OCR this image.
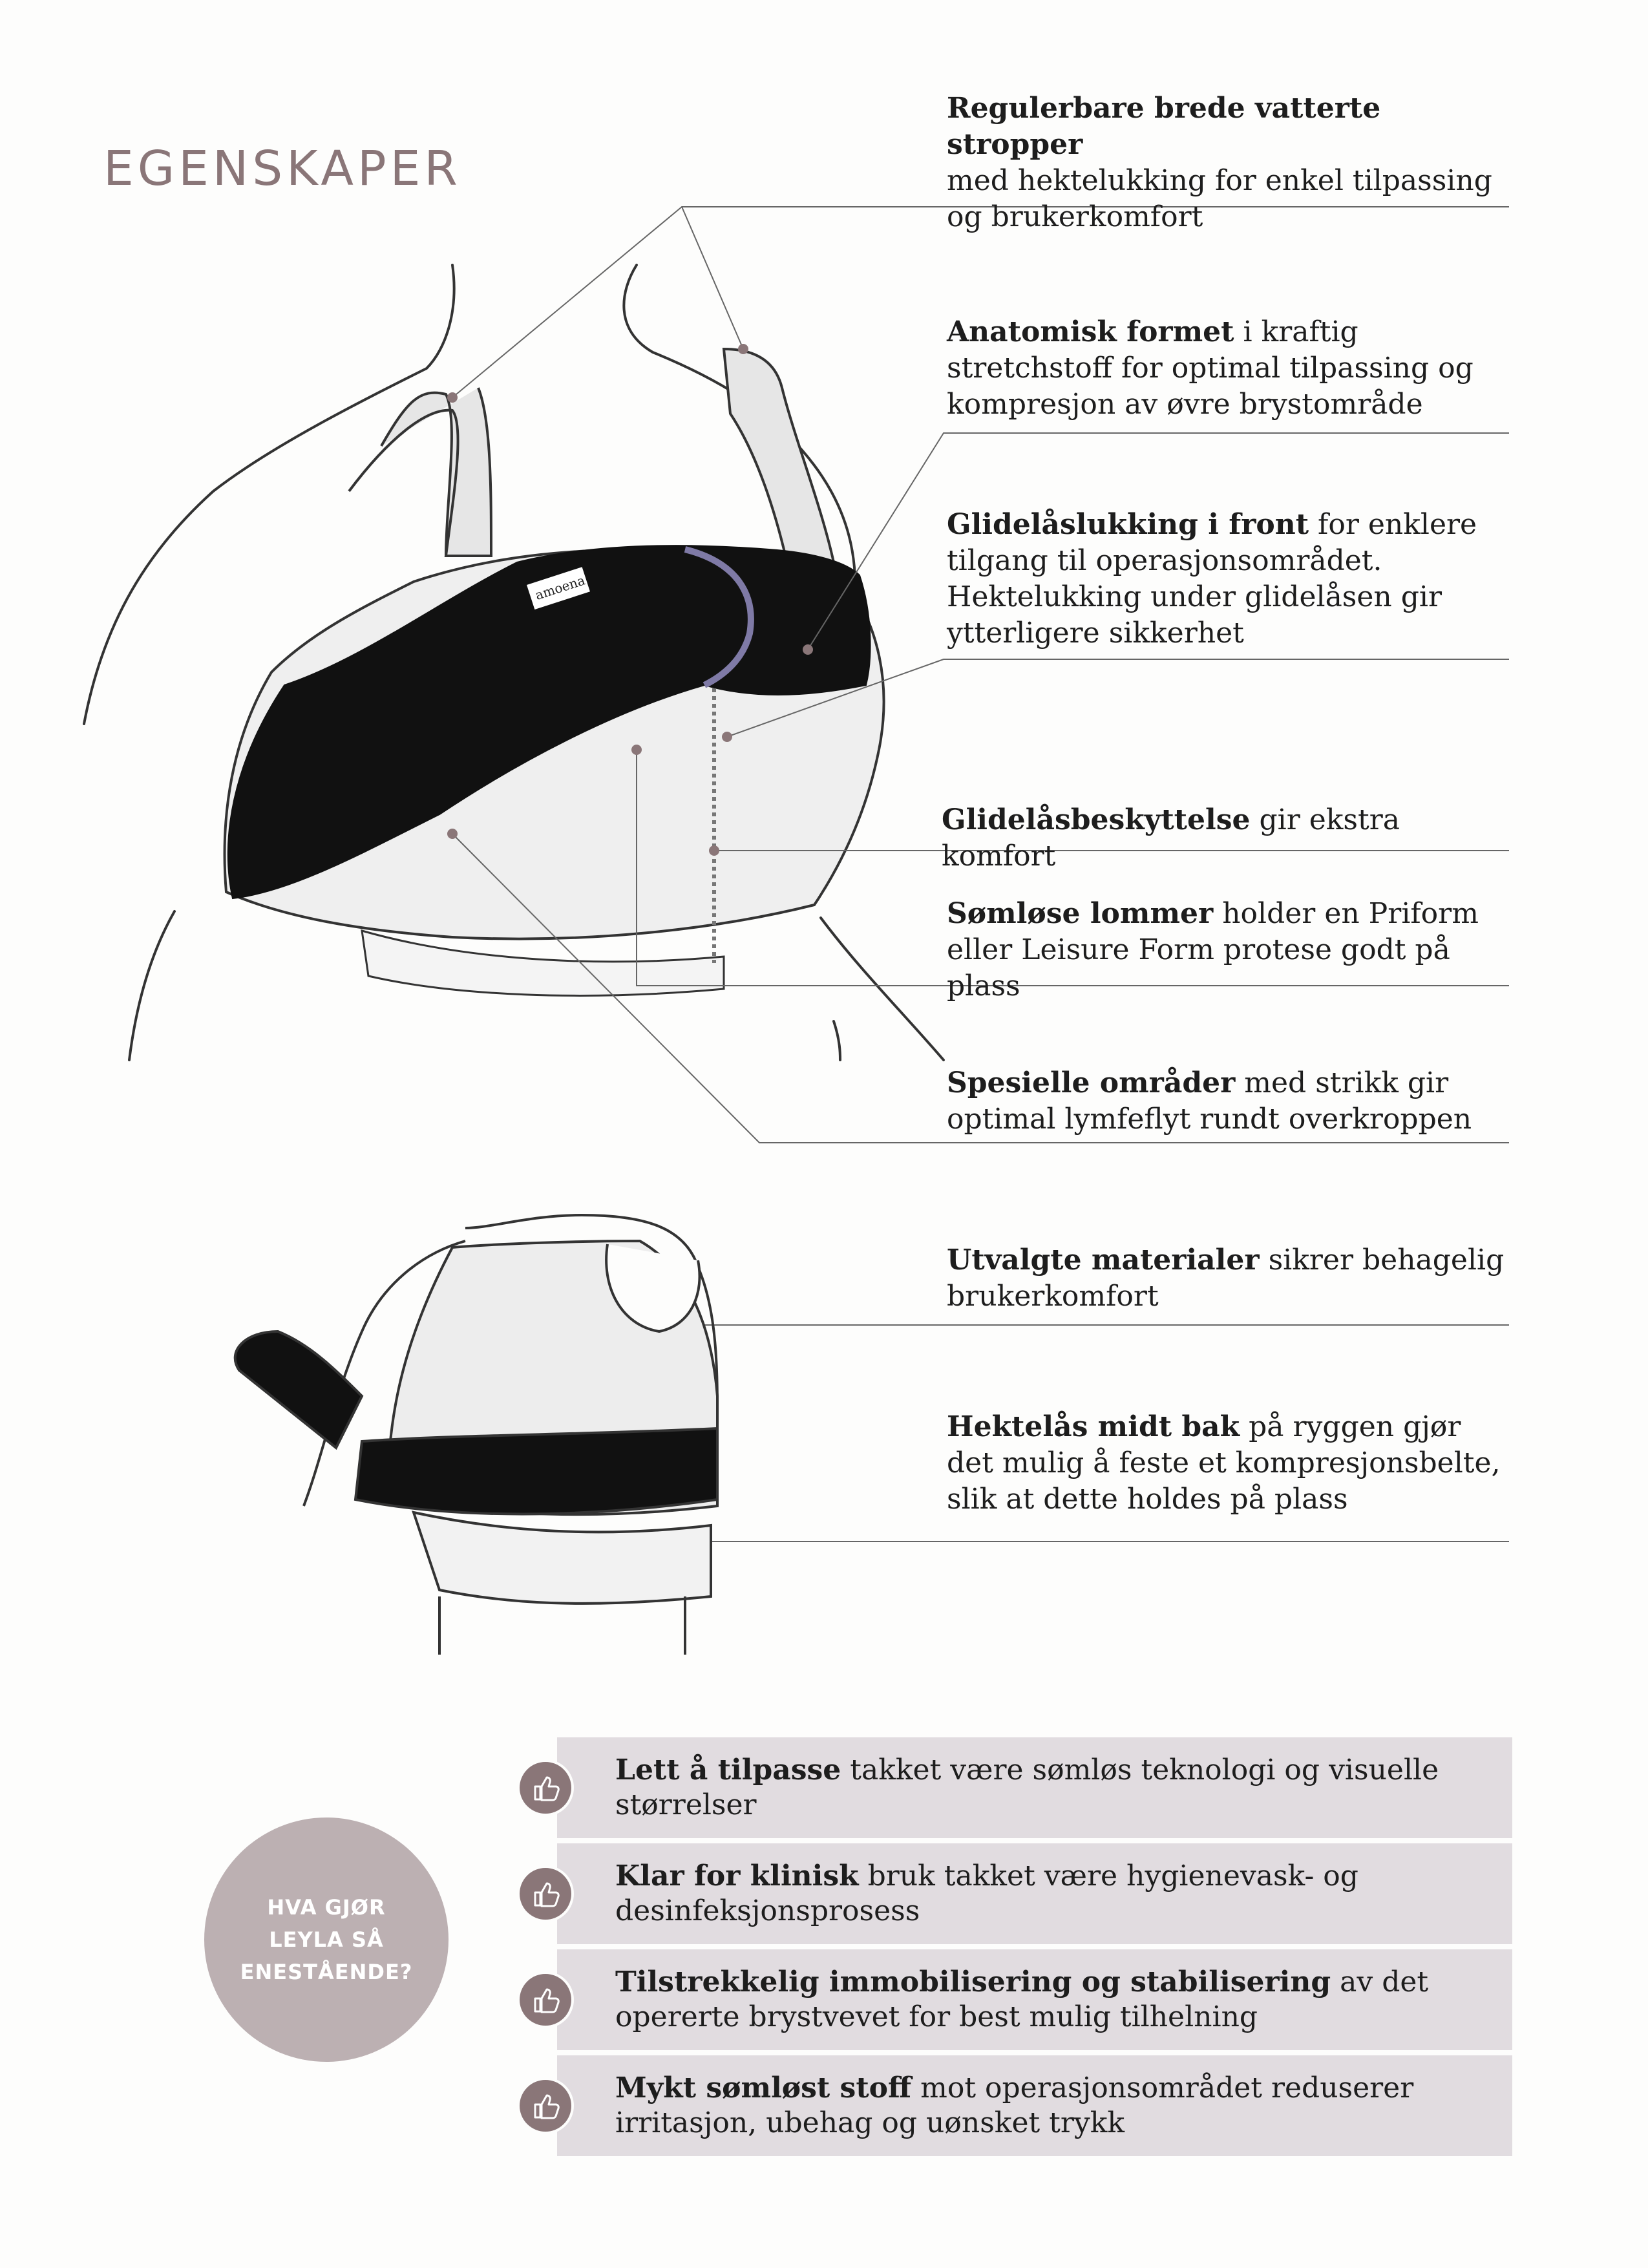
EGENSKAPER
amoena
Regulerbare brede vatterte stropper
med hektelukking for enkel tilpassing og brukerkomfort
Anatomisk formet i kraftig stretchstoff for optimal tilpassing og kompresjon av øvre brystområde
Glidelåslukking i front for enklere tilgang til operasjonsområdet. Hektelukking under glidelåsen gir ytterligere sikkerhet
Glidelåsbeskyttelse gir ekstra komfort
Sømløse lommer holder en Priform eller Leisure Form protese godt på plass
Spesielle områder med strikk gir optimal lymfeflyt rundt overkroppen
Utvalgte materialer sikrer behagelig brukerkomfort
Hektelås midt bak på ryggen gjør det mulig å feste et kompresjonsbelte, slik at dette holdes på plass
HVA GJØR
LEYLA SÅ
ENESTÅENDE?
Lett å tilpasse takket være sømløs teknologi og visuelle størrelser
Klar for klinisk bruk takket være hygienevask- og desinfeksjonsprosess
Tilstrekkelig immobilisering og stabilisering av det opererte brystvevet for best mulig tilhelning
Mykt sømløst stoff mot operasjonsområdet reduserer irritasjon, ubehag og uønsket trykk
